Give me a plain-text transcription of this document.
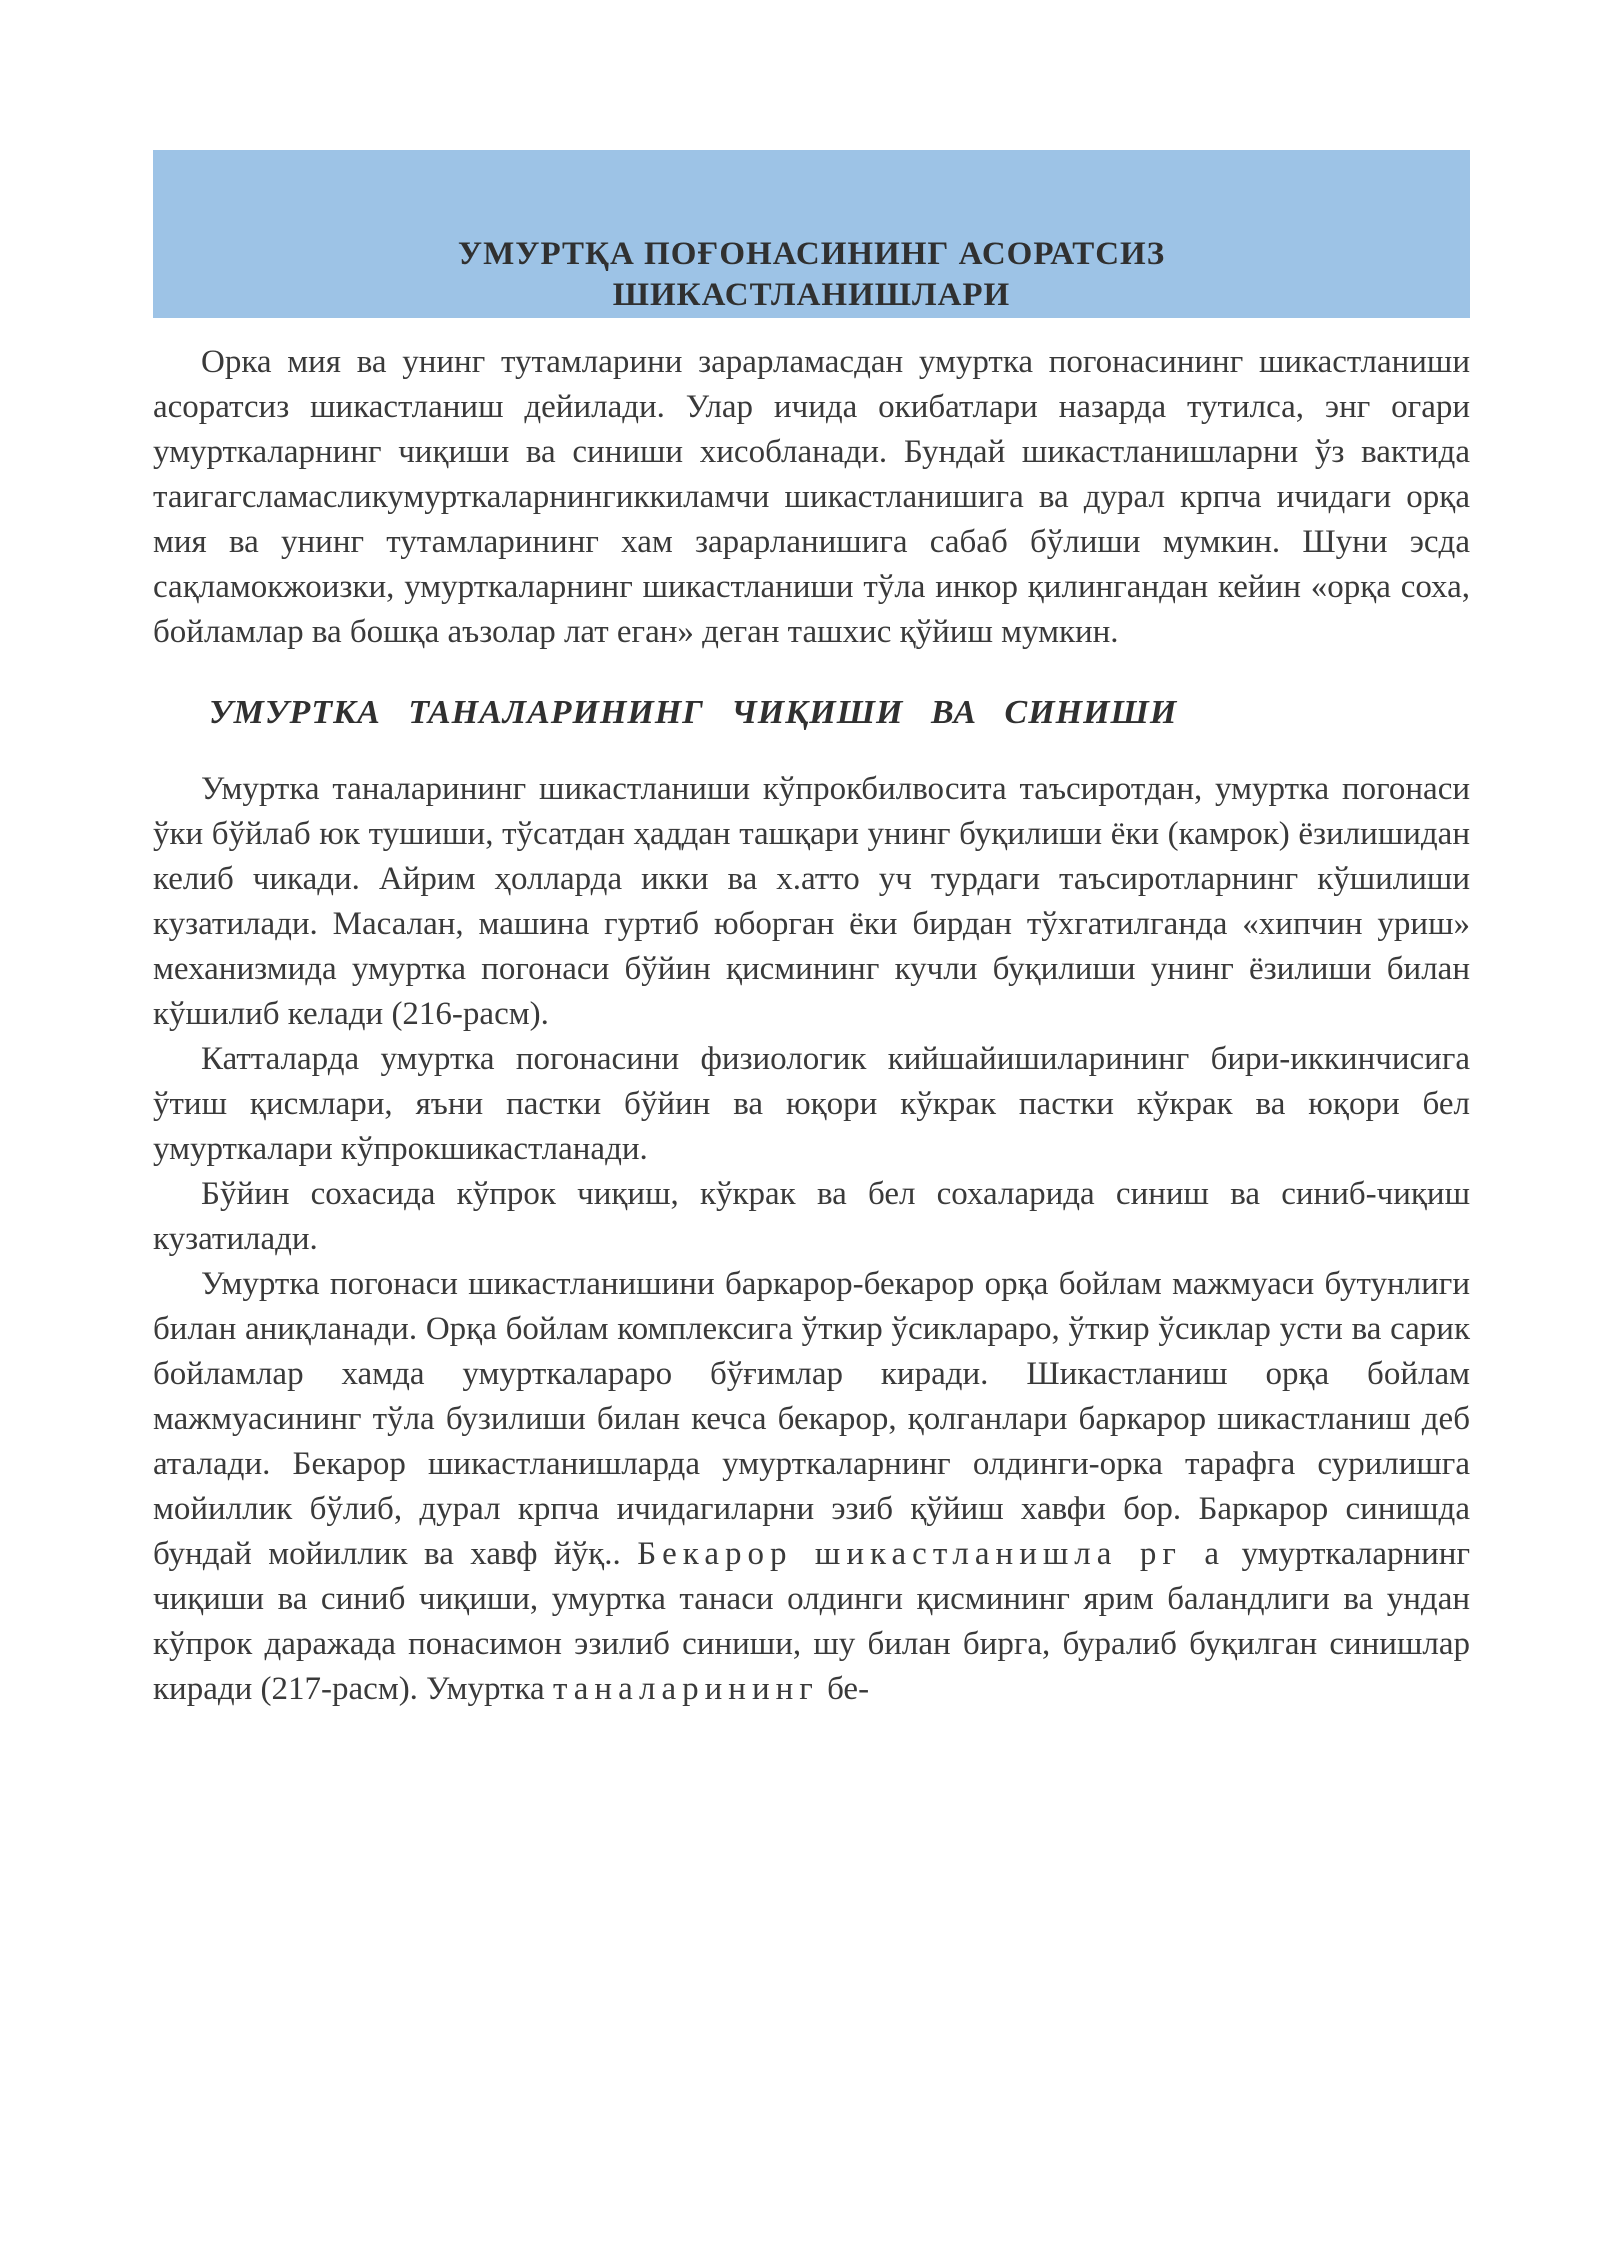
УМУРТҚА ПОҒОНАСИНИНГ АСОРАТСИЗ
ШИКАСТЛАНИШЛАРИ

Орка мия ва унинг тутамларини зарарламасдан умуртка погонасининг шикастланиши асоратсиз шикастланиш дейилади. Улар ичида окибатлари назарда тутилса, энг огари умурткаларнинг чиқиши ва синиши хисобланади. Бундай шикастланишларни ўз вактида таигагсламасликумурткаларнингиккиламчи шикастланишига ва дурал крпча ичидаги орқа мия ва унинг тутамларининг хам зарарланишига сабаб бўлиши мумкин. Шуни эсда сақламокжоизки, умурткаларнинг шикастланиши тўла инкор қилингандан кейин «орқа соха, бойламлар ва бошқа аъзолар лат еган» деган ташхис қўйиш мумкин.

УМУРТКА ТАНАЛАРИНИНГ ЧИҚИШИ ВА СИНИШИ

Умуртка таналарининг шикастланиши кўпрокбилвосита таъсиротдан, умуртка погонаси ўки бўйлаб юк тушиши, тўсатдан ҳаддан ташқари унинг буқилиши ёки (камрок) ёзилишидан келиб чикади. Айрим ҳолларда икки ва х.атто уч турдаги таъсиротларнинг кўшилиши кузатилади. Масалан, машина гуртиб юборган ёки бирдан тўхгатилганда «хипчин уриш» механизмида умуртка погонаси бўйин қисмининг кучли буқилиши унинг ёзилиши билан кўшилиб келади (216-расм).

Катталарда умуртка погонасини физиологик кийшайишиларининг бири-иккинчисига ўтиш қисмлари, яъни пастки бўйин ва юқори кўкрак пастки кўкрак ва юқори бел умурткалари кўпрокшикастланади.

Бўйин сохасида кўпрок чиқиш, кўкрак ва бел сохаларида синиш ва синиб-чиқиш кузатилади.

Умуртка погонаси шикастланишини баркарор-бекарор орқа бойлам мажмуаси бутунлиги билан аниқланади. Орқа бойлам комплексига ўткир ўсикларaро, ўткир ўсиклар усти ва сарик бойламлар хамда умурткалараро бўғимлар киради. Шикастланиш орқа бойлам мажмуасининг тўла бузилиши билан кечса бекарор, қолганлари баркарор шикастланиш деб аталади. Бекарор шикастланишларда умурткаларнинг олдинги-орка тарафга сурилишга мойиллик бўлиб, дурал крпча ичидагиларни эзиб қўйиш хавфи бор. Баркарор синишда бундай мойиллик ва хавф йўқ.. Бекарор шикастланишла рг а умурткаларнинг чиқиши ва синиб чиқиши, умуртка танаси олдинги қисмининг ярим баландлиги ва ундан кўпрок даражада понасимон эзилиб синиши, шу билан бирга, буралиб буқилган синишлар киради (217-расм). Умуртка таналарининг бе-
